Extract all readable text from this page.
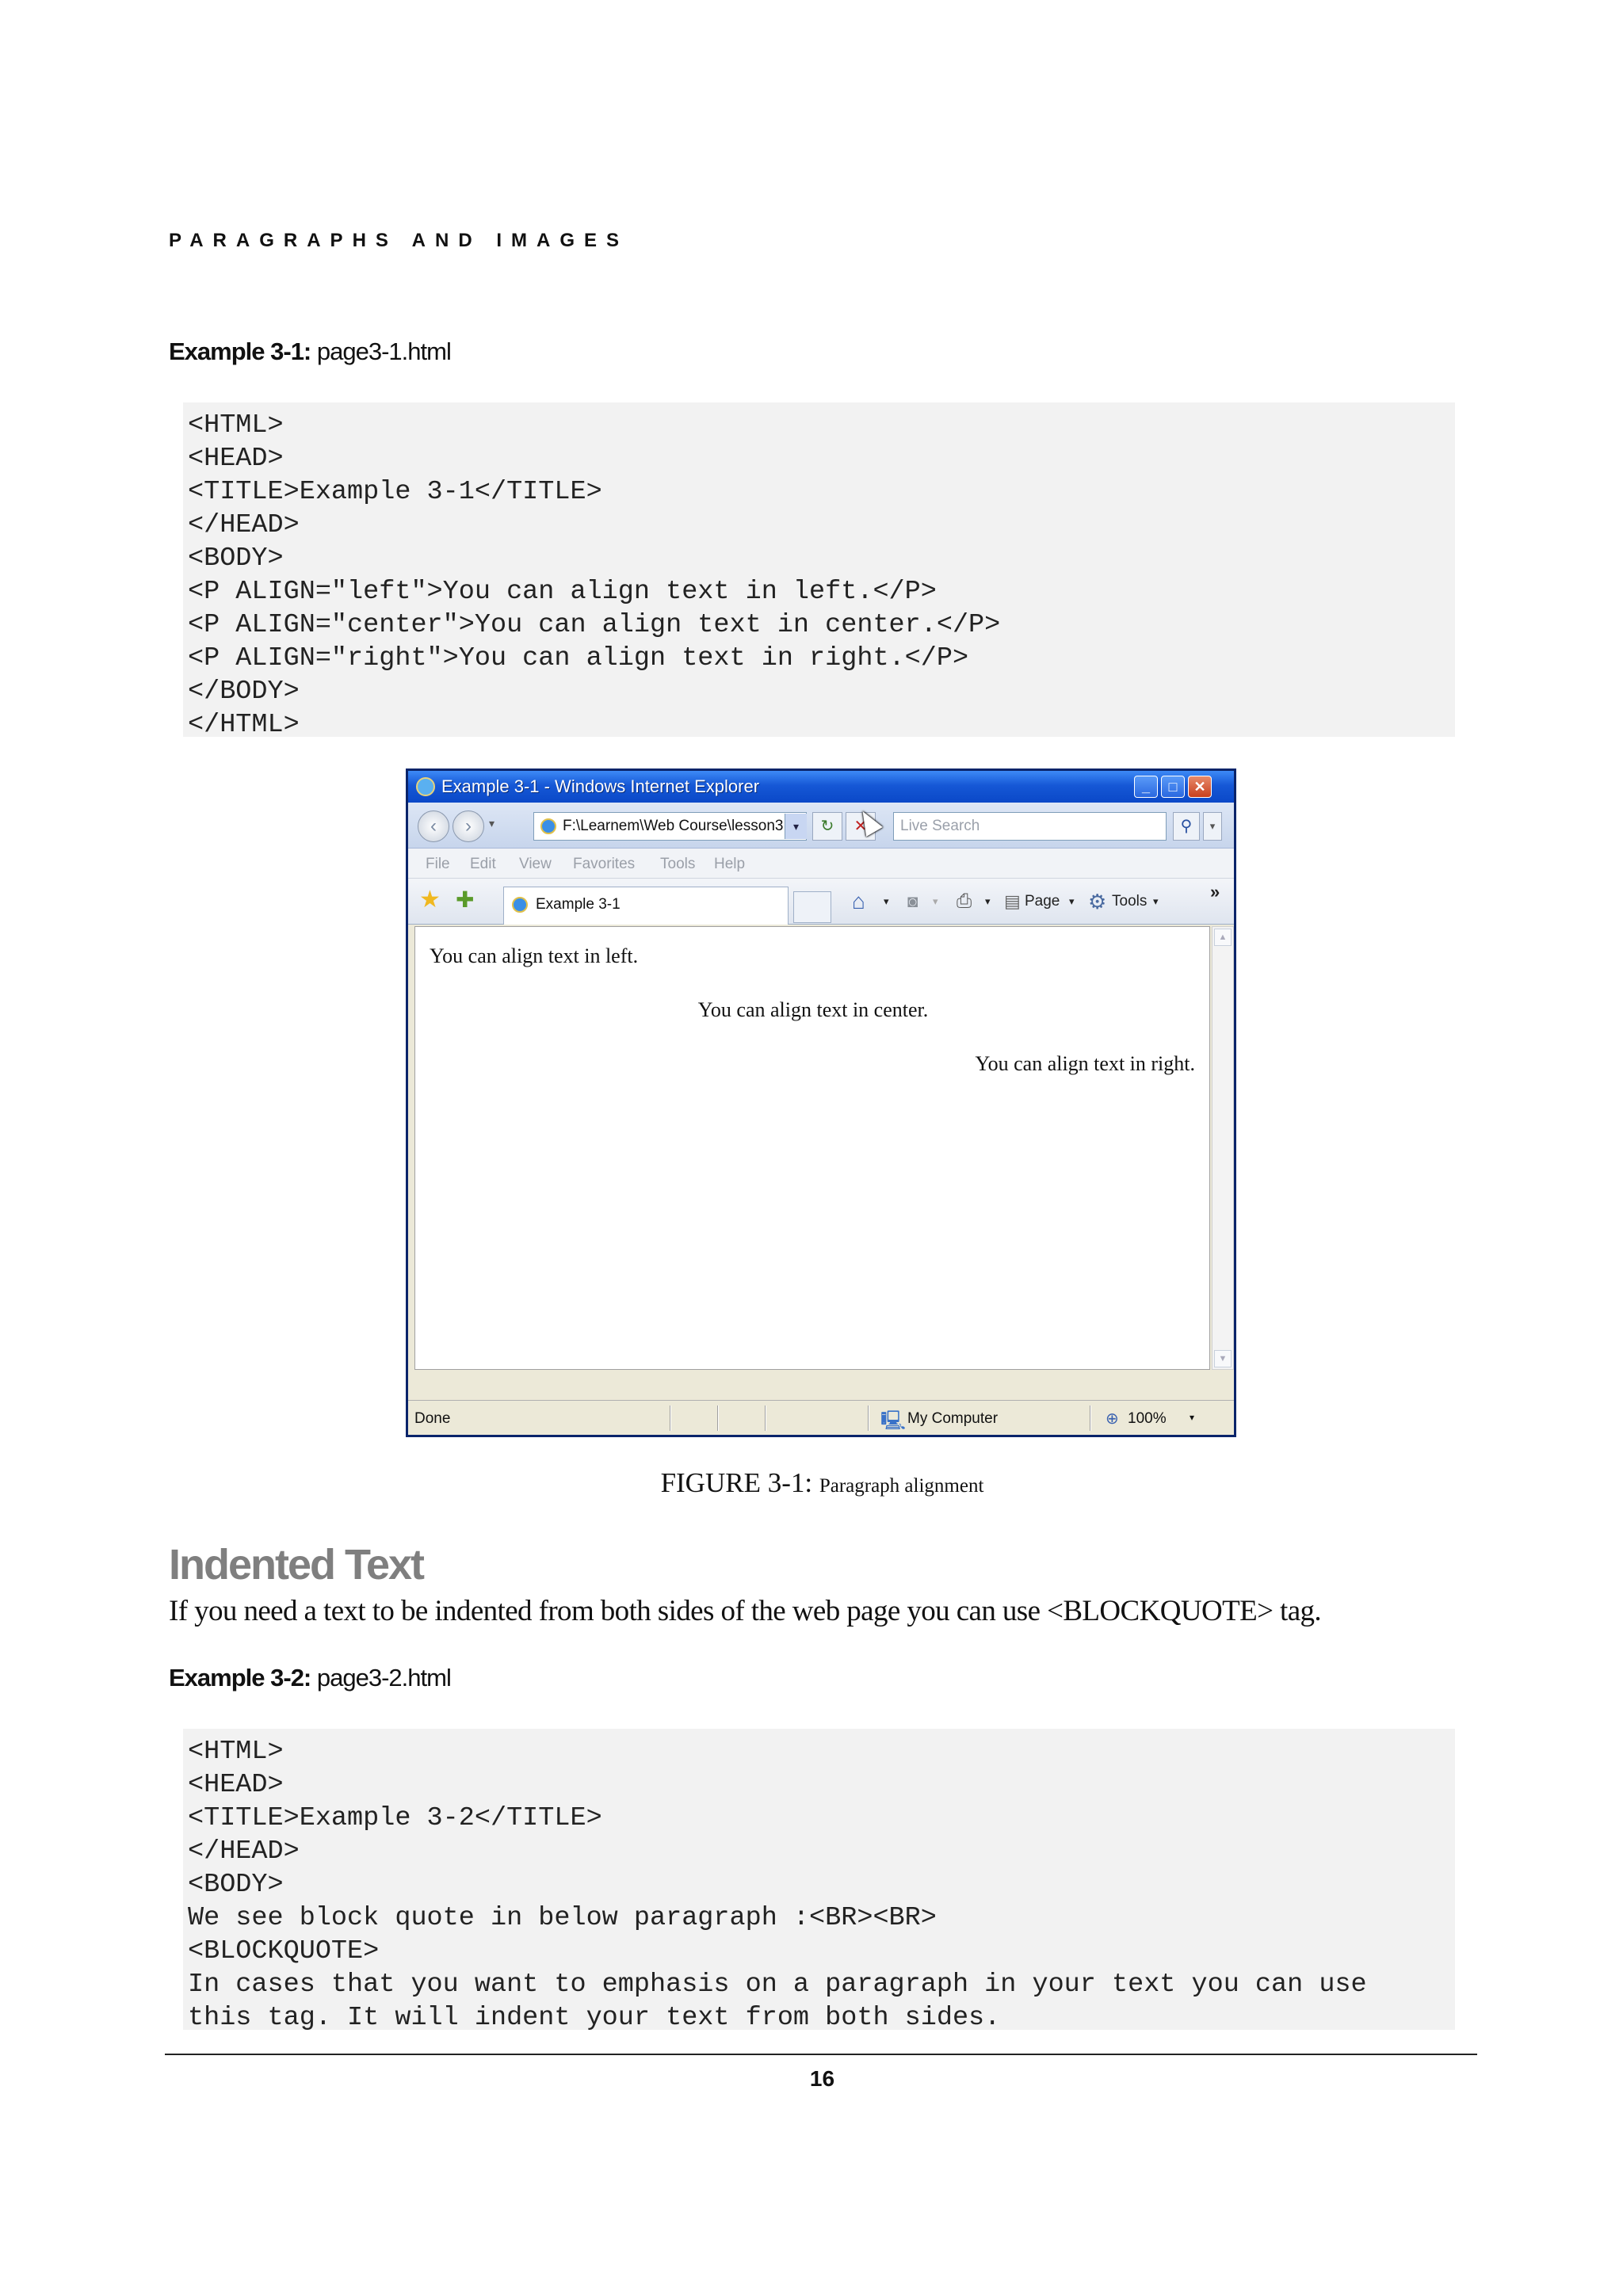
PARAGRAPHS AND IMAGES
Example 3-1: page3-1.html
<HTML>
<HEAD>
<TITLE>Example 3-1</TITLE>
</HEAD>
<BODY>
<P ALIGN="left">You can align text in left.</P>
<P ALIGN="center">You can align text in center.</P>
<P ALIGN="right">You can align text in right.</P>
</BODY>
</HTML>
Example 3-1 - Windows Internet Explorer	_	□	✕
‹	›	▾	F:\Learnem\Web Course\lesson3 ▾	↻	✕	Live Search	⚲	▾
File Edit View Favorites Tools Help
★ ✚	Example 3-1	⌂ ▾ ◙ ▾ ⎙ ▾ ▤ Page ▾ ⚙ Tools ▾	»
You can align text in left.
You can align text in center.
You can align text in right.
▲
▼
Done	🖳 My Computer	⊕ 100% ▾
FIGURE 3-1: Paragraph alignment
Indented Text
If you need a text to be indented from both sides of the web page you can use <BLOCKQUOTE> tag.
Example 3-2: page3-2.html
<HTML>
<HEAD>
<TITLE>Example 3-2</TITLE>
</HEAD>
<BODY>
We see block quote in below paragraph :<BR><BR>
<BLOCKQUOTE>
In cases that you want to emphasis on a paragraph in your text you can use
this tag. It will indent your text from both sides.
16
